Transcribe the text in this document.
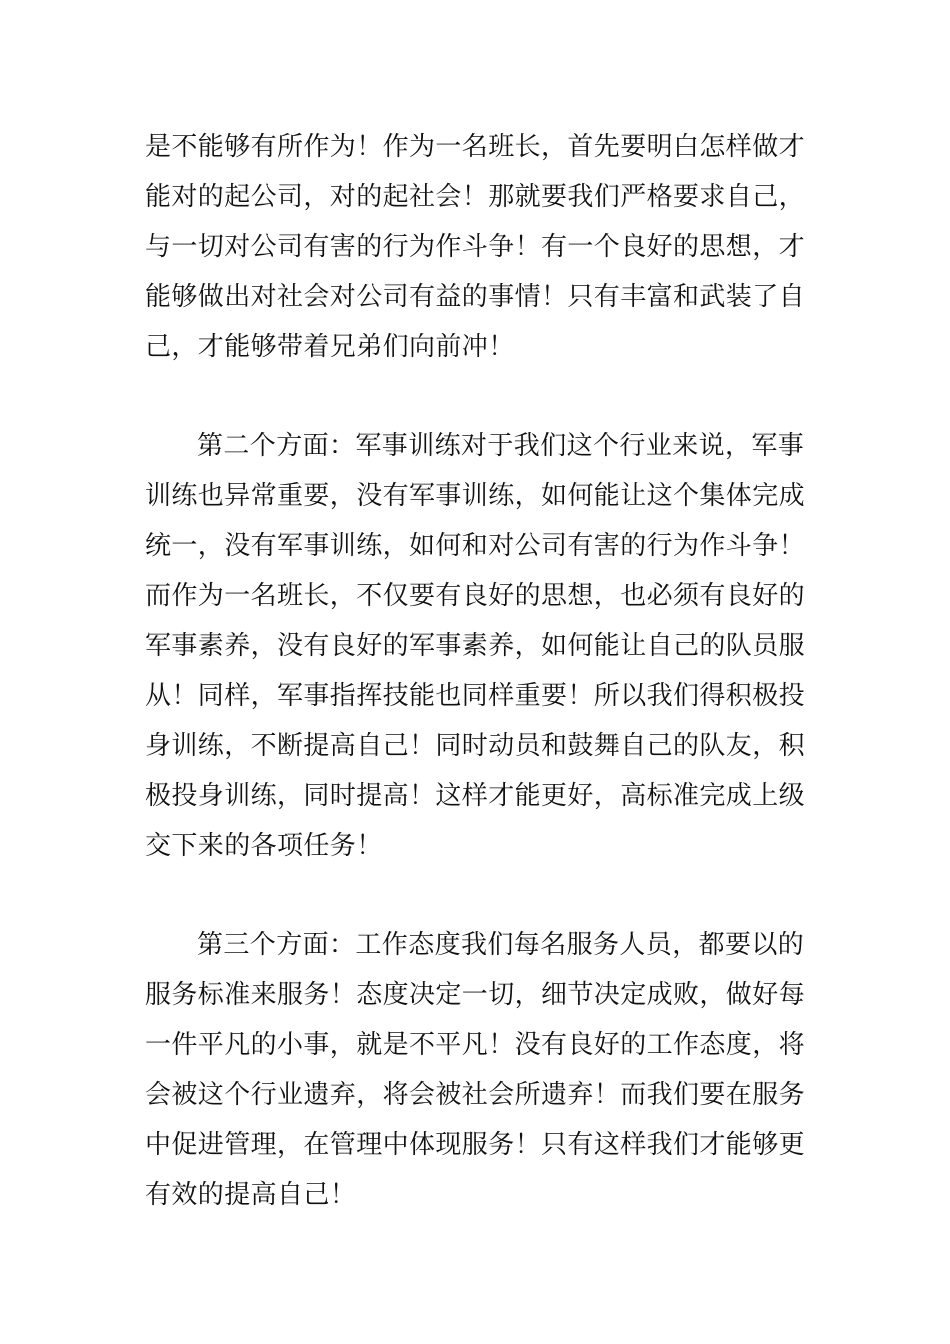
是不能够有所作为！作为一名班长，首先要明白怎样做才
能对的起公司，对的起社会！那就要我们严格要求自己，
与一切对公司有害的行为作斗争！有一个良好的思想，才
能够做出对社会对公司有益的事情！只有丰富和武装了自
己，才能够带着兄弟们向前冲！
第二个方面：军事训练对于我们这个行业来说，军事
训练也异常重要，没有军事训练，如何能让这个集体完成
统一，没有军事训练，如何和对公司有害的行为作斗争！
而作为一名班长，不仅要有良好的思想，也必须有良好的
军事素养，没有良好的军事素养，如何能让自己的队员服
从！同样，军事指挥技能也同样重要！所以我们得积极投
身训练，不断提高自己！同时动员和鼓舞自己的队友，积
极投身训练，同时提高！这样才能更好，高标准完成上级
交下来的各项任务！
第三个方面：工作态度我们每名服务人员，都要以的
服务标准来服务！态度决定一切，细节决定成败，做好每
一件平凡的小事，就是不平凡！没有良好的工作态度，将
会被这个行业遗弃，将会被社会所遗弃！而我们要在服务
中促进管理，在管理中体现服务！只有这样我们才能够更
有效的提高自己！
